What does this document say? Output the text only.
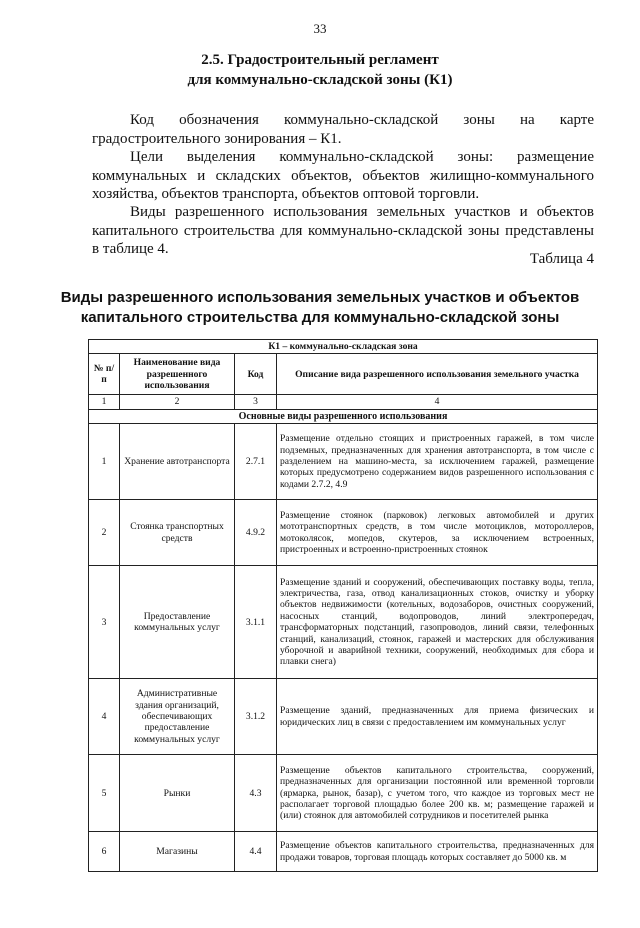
33
2.5. Градостроительный регламент
для коммунально-складской зоны (К1)
Код обозначения коммунально-складской зоны на карте градостроительного зонирования – К1.
Цели выделения коммунально-складской зоны: размещение коммунальных и складских объектов, объектов жилищно-коммунального хозяйства, объектов транспорта, объектов оптовой торговли.
Виды разрешенного использования земельных участков и объектов капитального строительства для коммунально-складской зоны представлены в таблице 4.
Таблица 4
Виды разрешенного использования земельных участков и объектов
капитального строительства для коммунально-складской зоны
К1 – коммунально-складская зона			
№ п/п	Наименование вида разрешенного использования	Код	Описание вида разрешенного использования земельного участка
1	2	3	4
Основные виды разрешенного использования			
1	Хранение автотранспорта	2.7.1	Размещение отдельно стоящих и пристроенных гаражей, в том числе подземных, предназначенных для хранения автотранспорта, в том числе с разделением на машино-места, за исключением гаражей, размещение которых предусмотрено содержанием видов разрешенного использования с кодами 2.7.2, 4.9
2	Стоянка транспортных средств	4.9.2	Размещение стоянок (парковок) легковых автомобилей и других мототранспортных средств, в том числе мотоциклов, мотороллеров, мотоколясок, мопедов, скутеров, за исключением встроенных, пристроенных и встроенно-пристроенных стоянок
3	Предоставление коммунальных услуг	3.1.1	Размещение зданий и сооружений, обеспечивающих поставку воды, тепла, электричества, газа, отвод канализационных стоков, очистку и уборку объектов недвижимости (котельных, водозаборов, очистных сооружений, насосных станций, водопроводов, линий электропередач, трансформаторных подстанций, газопроводов, линий связи, телефонных станций, канализаций, стоянок, гаражей и мастерских для обслуживания уборочной и аварийной техники, сооружений, необходимых для сбора и плавки снега)
4	Административные здания организаций, обеспечивающих предоставление коммунальных услуг	3.1.2	Размещение зданий, предназначенных для приема физических и юридических лиц в связи с предоставлением им коммунальных услуг
5	Рынки	4.3	Размещение объектов капитального строительства, сооружений, предназначенных для организации постоянной или временной торговли (ярмарка, рынок, базар), с учетом того, что каждое из торговых мест не располагает торговой площадью более 200 кв. м; размещение гаражей и (или) стоянок для автомобилей сотрудников и посетителей рынка
6	Магазины	4.4	Размещение объектов капитального строительства, предназначенных для продажи товаров, торговая площадь которых составляет до 5000 кв. м
